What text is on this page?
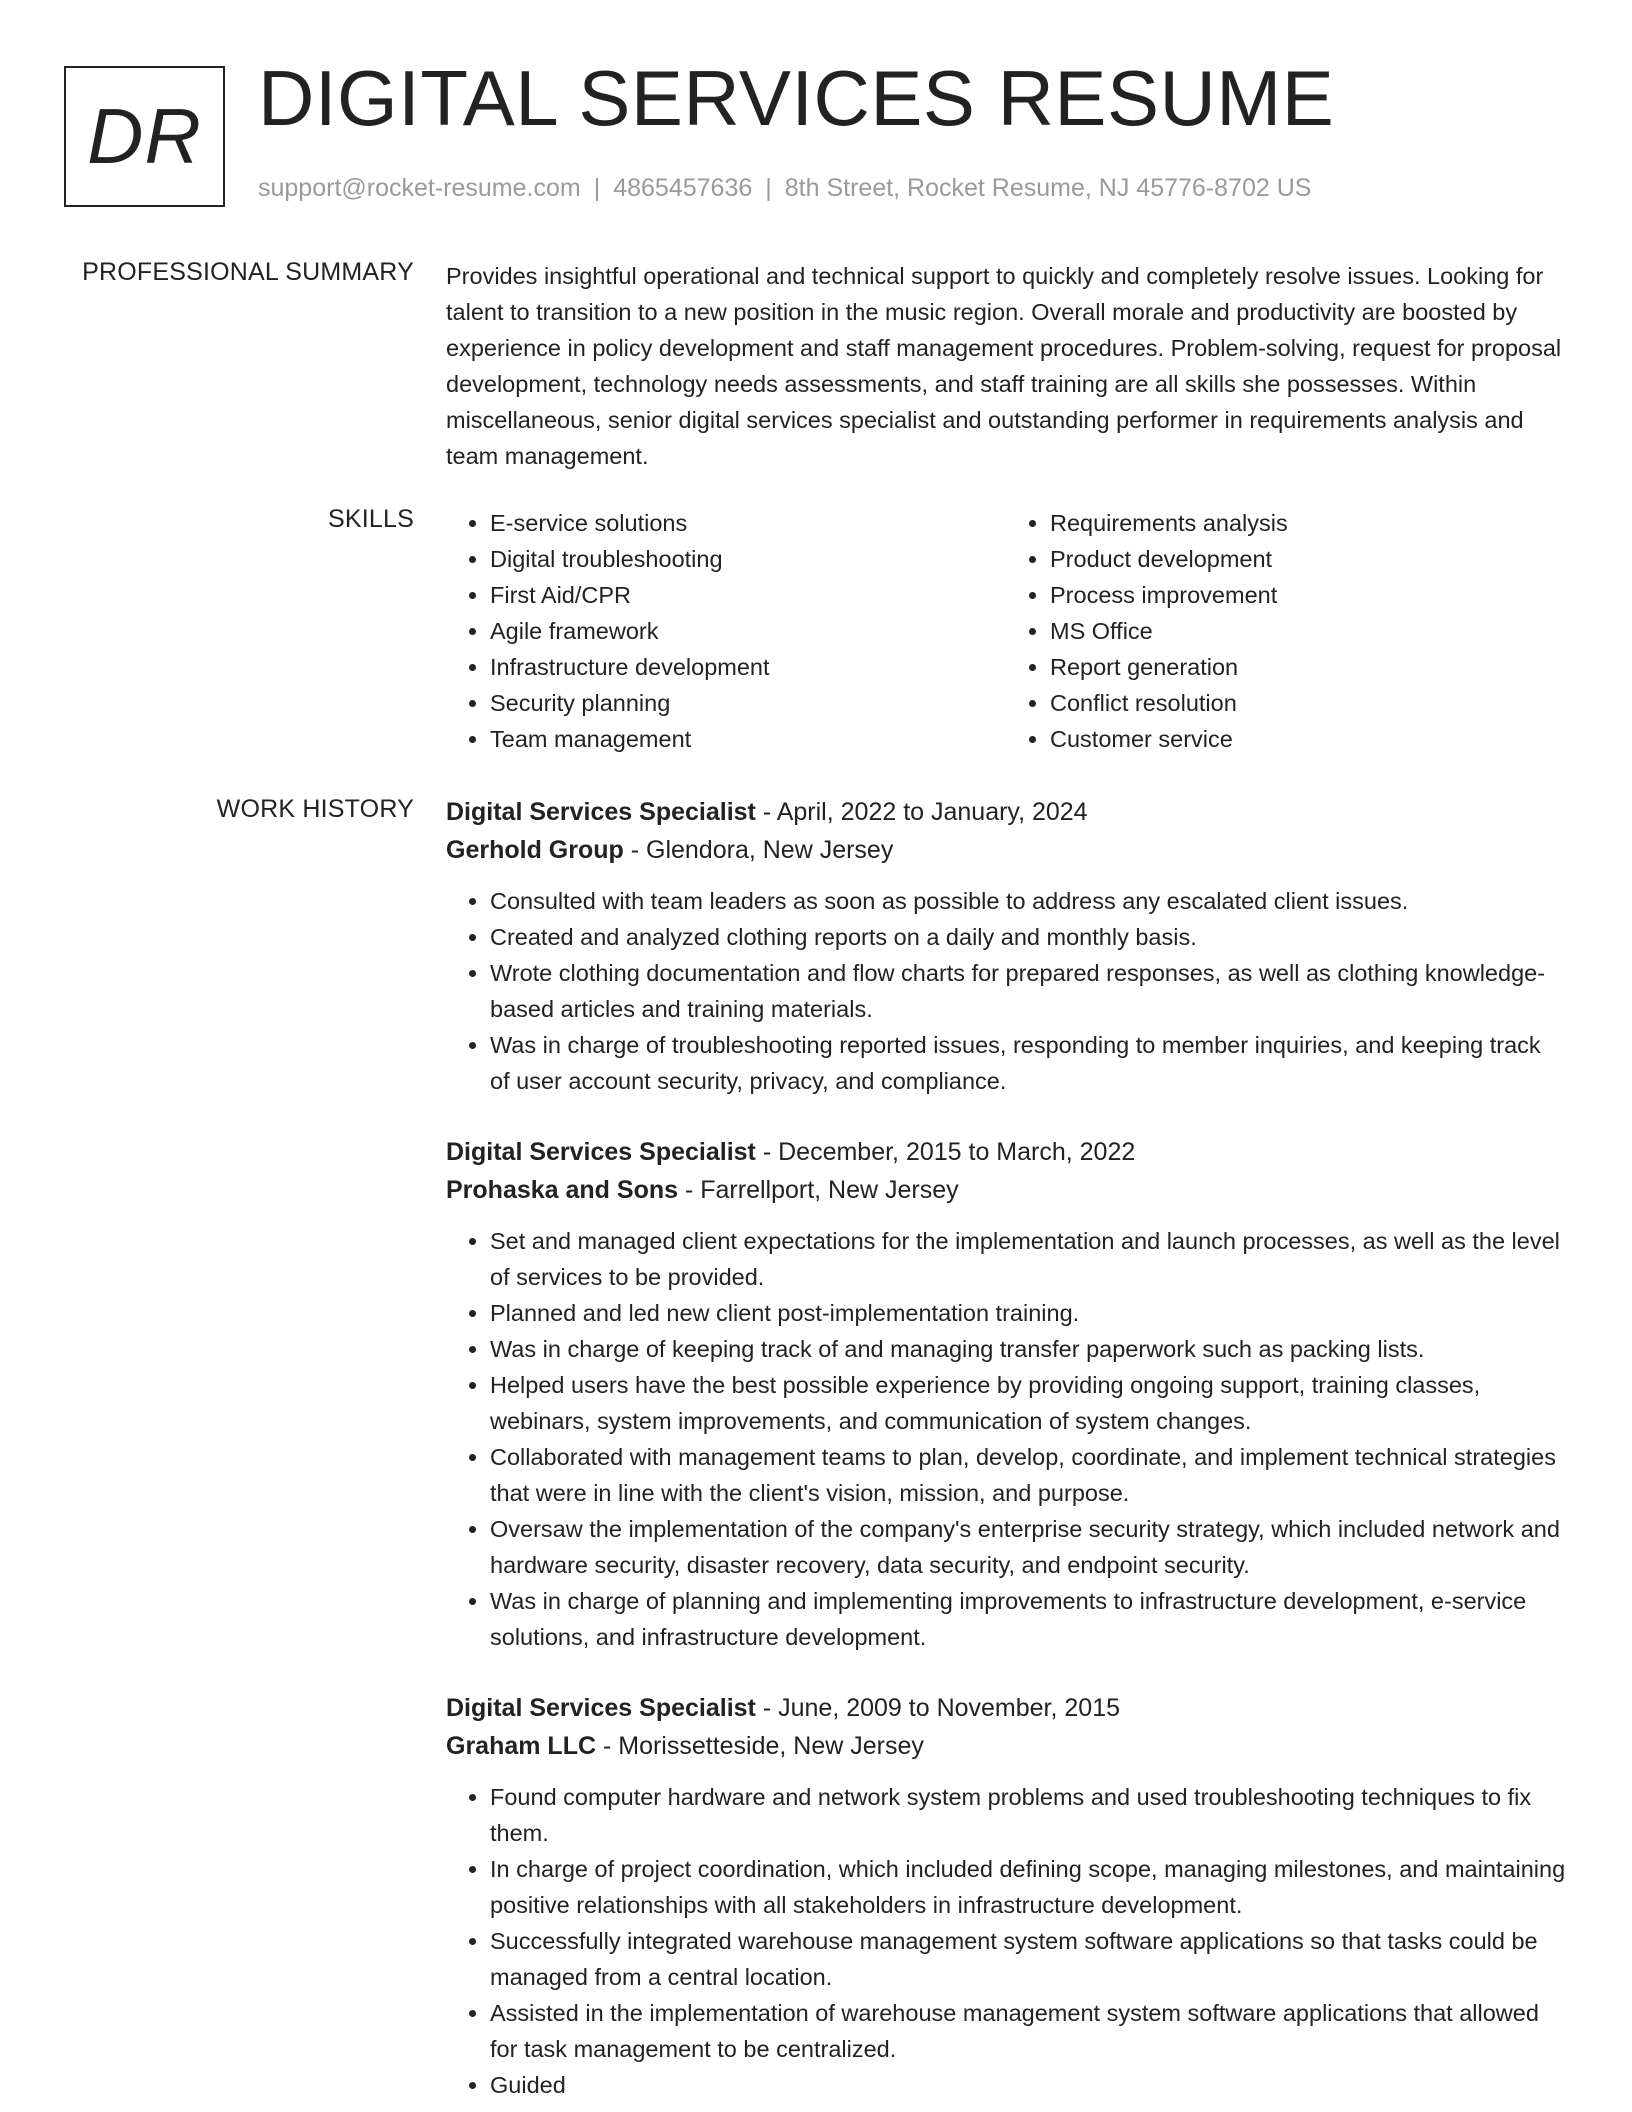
DR DIGITAL SERVICES RESUME
support@rocket-resume.com | 4865457636 | 8th Street, Rocket Resume, NJ 45776-8702 US
PROFESSIONAL SUMMARY Provides insightful operational and technical support to quickly and completely resolve issues. Looking for talent to transition to a new position in the music region. Overall morale and productivity are boosted by experience in policy development and staff management procedures. Problem-solving, request for proposal development, technology needs assessments, and staff training are all skills she possesses. Within miscellaneous, senior digital services specialist and outstanding performer in requirements analysis and team management.

SKILLS
•	E-service solutions
• Digital troubleshooting
• First Aid/CPR
• Agile framework
• Infrastructure development
• Security planning
• Team management
• Requirements analysis
• Product development
• Process improvement
• MS Office
• Report generation
• Conflict resolution
• Customer service
WORK HISTORY Digital Services Specialist - April, 2022 to January, 2024
Gerhold Group - Glendora, New Jersey
• Consulted with team leaders as soon as possible to address any escalated client issues.
• Created and analyzed clothing reports on a daily and monthly basis.
• Wrote clothing documentation and flow charts for prepared responses, as well as clothing knowledge-based articles and training materials.
• Was in charge of troubleshooting reported issues, responding to member inquiries, and keeping track of user account security, privacy, and compliance.
Digital Services Specialist - December, 2015 to March, 2022
Prohaska and Sons - Farrellport, New Jersey
• Set and managed client expectations for the implementation and launch processes, as well as the level of services to be provided.
• Planned and led new client post-implementation training.
• Was in charge of keeping track of and managing transfer paperwork such as packing lists.
• Helped users have the best possible experience by providing ongoing support, training classes, webinars, system improvements, and communication of system changes.
• Collaborated with management teams to plan, develop, coordinate, and implement technical strategies that were in line with the client's vision, mission, and purpose.
• Oversaw the implementation of the company's enterprise security strategy, which included network and hardware security, disaster recovery, data security, and endpoint security.
• Was in charge of planning and implementing improvements to infrastructure development, e-service solutions, and infrastructure development.
Digital Services Specialist - June, 2009 to November, 2015
Graham LLC - Morissetteside, New Jersey
• Found computer hardware and network system problems and used troubleshooting techniques to fix them.
• In charge of project coordination, which included defining scope, managing milestones, and maintaining positive relationships with all stakeholders in infrastructure development.
• Successfully integrated warehouse management system software applications so that tasks could be managed from a central location.
• Assisted in the implementation of warehouse management system software applications that allowed for task management to be centralized.
• Guided
